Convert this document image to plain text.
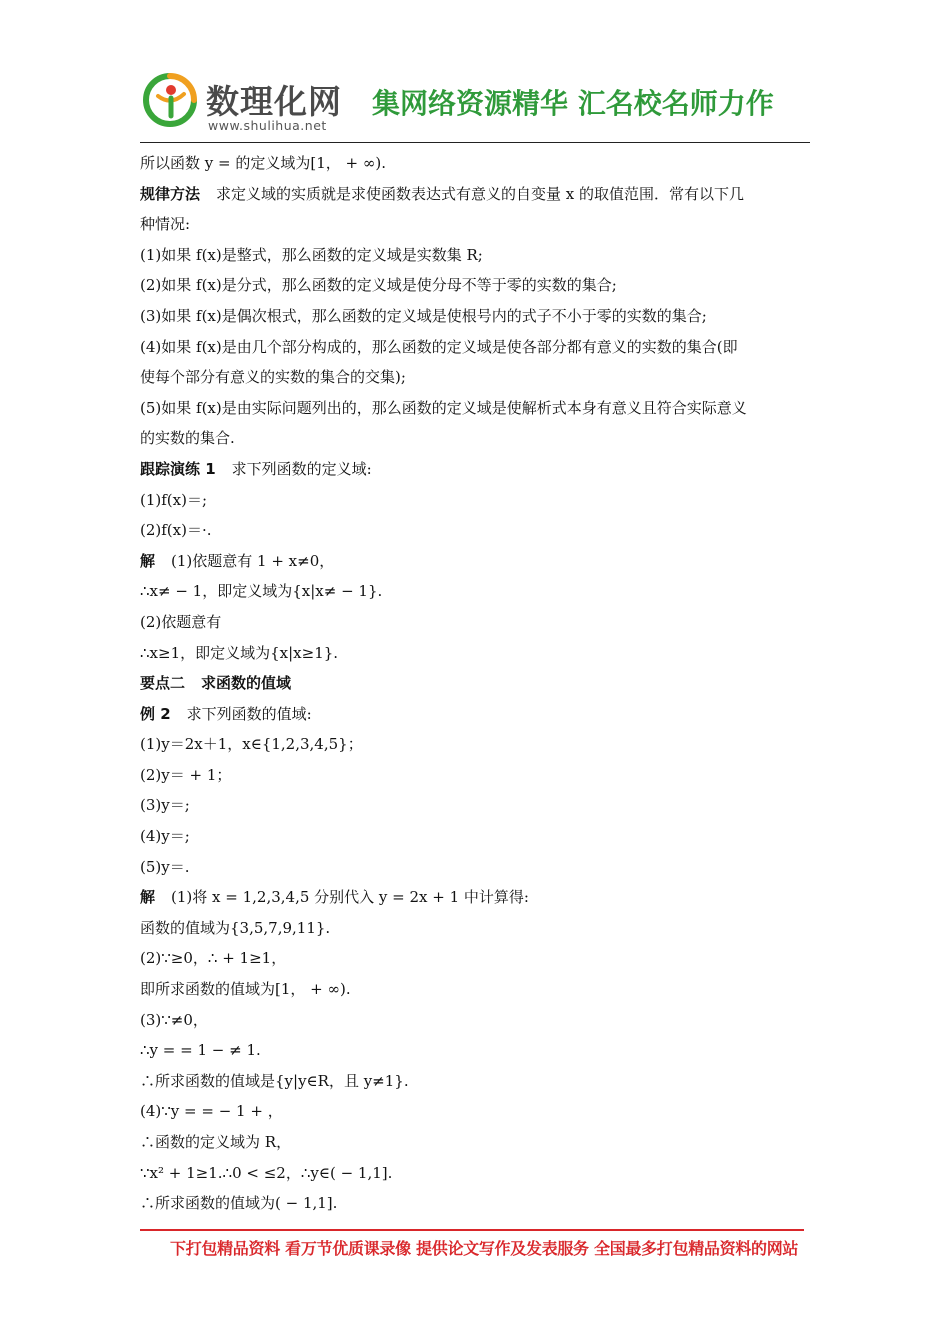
数理化网
www.shulihua.net
集网络资源精华 汇名校名师力作
所以函数 y = 的定义域为[1， + ∞).
规律方法 求定义域的实质就是求使函数表达式有意义的自变量 x 的取值范围．常有以下几
种情况:
(1)如果 f(x)是整式，那么函数的定义域是实数集 R;
(2)如果 f(x)是分式，那么函数的定义域是使分母不等于零的实数的集合;
(3)如果 f(x)是偶次根式，那么函数的定义域是使根号内的式子不小于零的实数的集合;
(4)如果 f(x)是由几个部分构成的，那么函数的定义域是使各部分都有意义的实数的集合(即
使每个部分有意义的实数的集合的交集);
(5)如果 f(x)是由实际问题列出的，那么函数的定义域是使解析式本身有意义且符合实际意义
的实数的集合.
跟踪演练 1 求下列函数的定义域:
(1)f(x)＝;
(2)f(x)＝·.
解 (1)依题意有 1 + x≠0，
∴x≠ − 1，即定义域为{x|x≠ − 1}.
(2)依题意有
∴x≥1，即定义域为{x|x≥1}.
要点二 求函数的值域
例 2 求下列函数的值域:
(1)y＝2x＋1，x∈{1,2,3,4,5}；
(2)y＝ + 1；
(3)y＝;
(4)y＝;
(5)y＝.
解 (1)将 x = 1,2,3,4,5 分别代入 y = 2x + 1 中计算得:
函数的值域为{3,5,7,9,11}.
(2)∵≥0，∴ + 1≥1，
即所求函数的值域为[1， + ∞).
(3)∵≠0，
∴y = = 1 − ≠ 1.
∴所求函数的值域是{y|y∈R，且 y≠1}.
(4)∵y = = − 1 + ，
∴函数的定义域为 R，
∵x² + 1≥1.∴0 < ≤2，∴y∈( − 1,1].
∴所求函数的值域为( − 1,1].
下打包精品资料 看万节优质课录像 提供论文写作及发表服务 全国最多打包精品资料的网站
